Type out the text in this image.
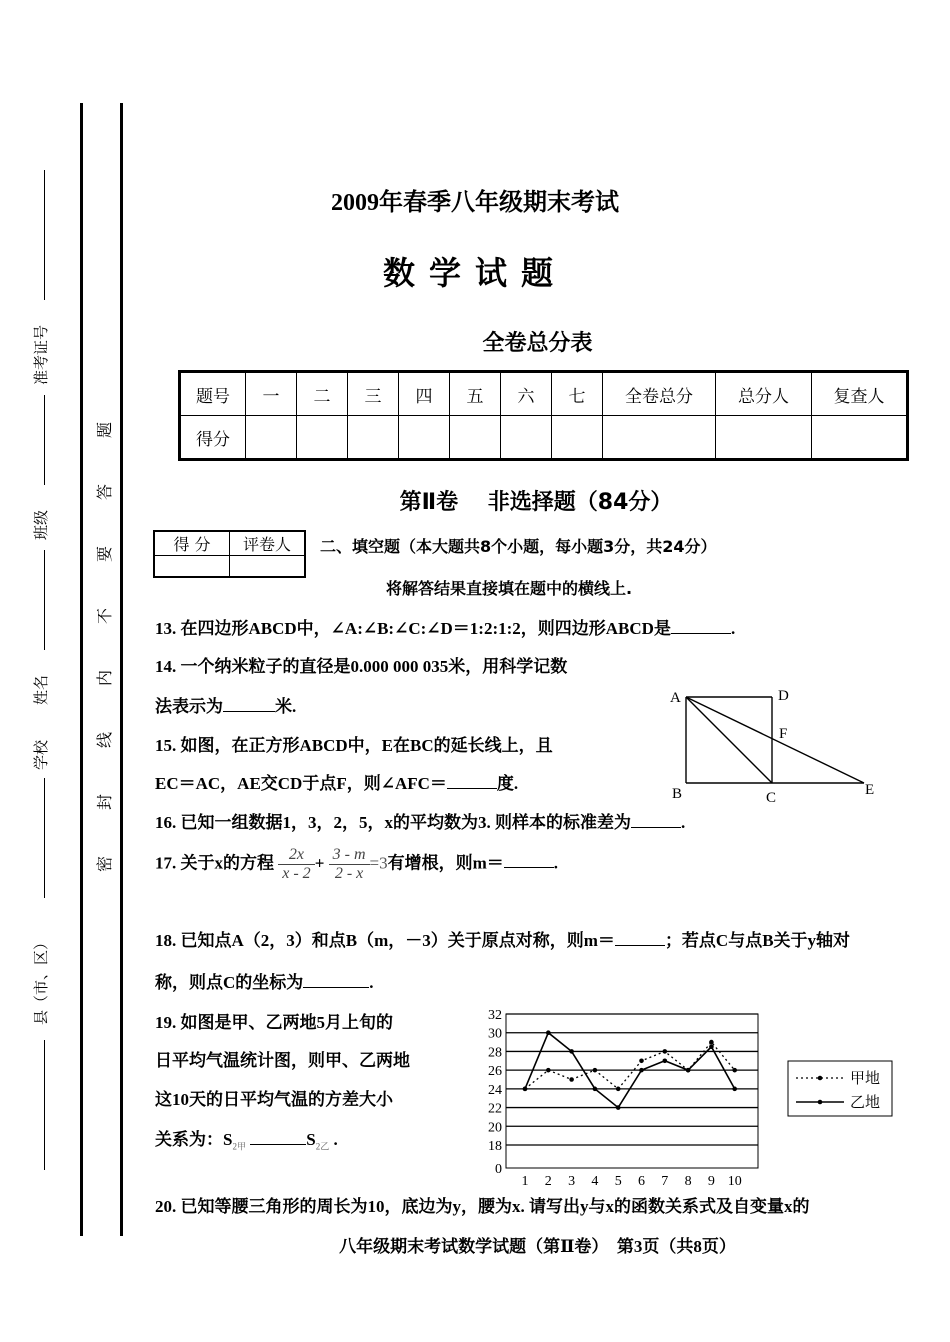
准考证号
班级
姓名
学校
县（市、区）
密 封 线 内 不 要 答 题
2009年春季八年级期末考试
数学试题
全卷总分表
题号	一	二	三	四	五	六	七	全卷总分	总分人	复查人
得分										
第Ⅱ卷　 非选择题（84分）
得 分	评卷人
	二、填空题（本大题共8个小题，每小题3分，共24分）
将解答结果直接填在题中的横线上.
13. 在四边形ABCD中，∠A:∠B:∠C:∠D＝1:2:1:2，则四边形ABCD是	.
14. 一个纳米粒子的直径是0.000 000 035米，用科学记数
法表示为	米.
15. 如图，在正方形ABCD中，E在BC的延长线上，且
EC＝AC，AE交CD于点F，则∠AFC＝	度.
A	D
F
B	C	E
16. 已知一组数据1，3，2，5，x的平均数为3. 则样本的标准差为	.
17. 关于x的方程 $\frac{2x}{x - 2} + \frac{3 - m}{2 - x} =3$有增根，则m＝	.
18. 已知点A（2，3）和点B（m，－3）关于原点对称，则m＝	；若点C与点B关于y轴对
称，则点C的坐标为	.
19. 如图是甲、乙两地5月上旬的
日平均气温统计图，则甲、乙两地
这10天的日平均气温的方差大小
关系为：$S_{2甲}$	$S_{2乙}$ .
0
18
20
22
24
26
28
30
32
1 2 3 4 5 6 7 8 9 10
甲地
乙地
20. 已知等腰三角形的周长为10，底边为y，腰为x. 请写出y与x的函数关系式及自变量x的
八年级期末考试数学试题（第Ⅱ卷）　第3页（共8页）
